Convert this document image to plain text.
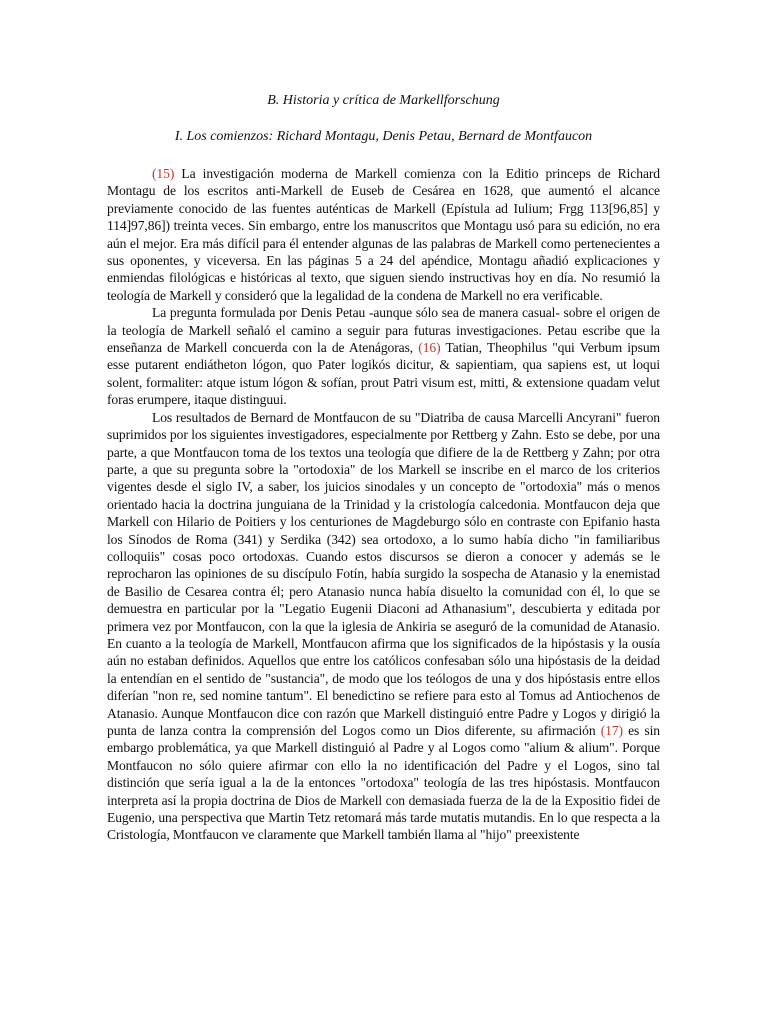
B. Historia y crítica de Markellforschung

I. Los comienzos: Richard Montagu, Denis Petau, Bernard de Montfaucon

(15) La investigación moderna de Markell comienza con la Editio princeps de Richard Montagu de los escritos anti-Markell de Euseb de Cesárea en 1628, que aumentó el alcance previamente conocido de las fuentes auténticas de Markell (Epístula ad Iulium; Frgg 113[96,85] y 114]97,86]) treinta veces. Sin embargo, entre los manuscritos que Montagu usó para su edición, no era aún el mejor. Era más difícil para él entender algunas de las palabras de Markell como pertenecientes a sus oponentes, y viceversa. En las páginas 5 a 24 del apéndice, Montagu añadió explicaciones y enmiendas filológicas e históricas al texto, que siguen siendo instructivas hoy en día. No resumió la teología de Markell y consideró que la legalidad de la condena de Markell no era verificable.

La pregunta formulada por Denis Petau -aunque sólo sea de manera casual- sobre el origen de la teología de Markell señaló el camino a seguir para futuras investigaciones. Petau escribe que la enseñanza de Markell concuerda con la de Atenágoras, (16) Tatian, Theophilus "qui Verbum ipsum esse putarent endiátheton lógon, quo Pater logikós dicitur, & sapientiam, qua sapiens est, ut loqui solent, formaliter: atque istum lógon & sofían, prout Patri visum est, mitti, & extensione quadam velut foras erumpere, itaque distinguui.

Los resultados de Bernard de Montfaucon de su "Diatriba de causa Marcelli Ancyrani" fueron suprimidos por los siguientes investigadores, especialmente por Rettberg y Zahn. Esto se debe, por una parte, a que Montfaucon toma de los textos una teología que difiere de la de Rettberg y Zahn; por otra parte, a que su pregunta sobre la "ortodoxia" de los Markell se inscribe en el marco de los criterios vigentes desde el siglo IV, a saber, los juicios sinodales y un concepto de "ortodoxia" más o menos orientado hacia la doctrina junguiana de la Trinidad y la cristología calcedonia. Montfaucon deja que Markell con Hilario de Poitiers y los centuriones de Magdeburgo sólo en contraste con Epifanio hasta los Sínodos de Roma (341) y Serdika (342) sea ortodoxo, a lo sumo había dicho "in familiaribus colloquiis" cosas poco ortodoxas. Cuando estos discursos se dieron a conocer y además se le reprocharon las opiniones de su discípulo Fotín, había surgido la sospecha de Atanasio y la enemistad de Basilio de Cesarea contra él; pero Atanasio nunca había disuelto la comunidad con él, lo que se demuestra en particular por la "Legatio Eugenii Diaconi ad Athanasium", descubierta y editada por primera vez por Montfaucon, con la que la iglesia de Ankiria se aseguró de la comunidad de Atanasio. En cuanto a la teología de Markell, Montfaucon afirma que los significados de la hipóstasis y la ousía aún no estaban definidos. Aquellos que entre los católicos confesaban sólo una hipóstasis de la deidad la entendían en el sentido de "sustancia", de modo que los teólogos de una y dos hipóstasis entre ellos diferían "non re, sed nomine tantum". El benedictino se refiere para esto al Tomus ad Antiochenos de Atanasio. Aunque Montfaucon dice con razón que Markell distinguió entre Padre y Logos y dirigió la punta de lanza contra la comprensión del Logos como un Dios diferente, su afirmación (17) es sin embargo problemática, ya que Markell distinguió al Padre y al Logos como "alium & alium". Porque Montfaucon no sólo quiere afirmar con ello la no identificación del Padre y el Logos, sino tal distinción que sería igual a la de la entonces "ortodoxa" teología de las tres hipóstasis. Montfaucon interpreta así la propia doctrina de Dios de Markell con demasiada fuerza de la de la Expositio fidei de Eugenio, una perspectiva que Martin Tetz retomará más tarde mutatis mutandis. En lo que respecta a la Cristología, Montfaucon ve claramente que Markell también llama al "hijo" preexistente
